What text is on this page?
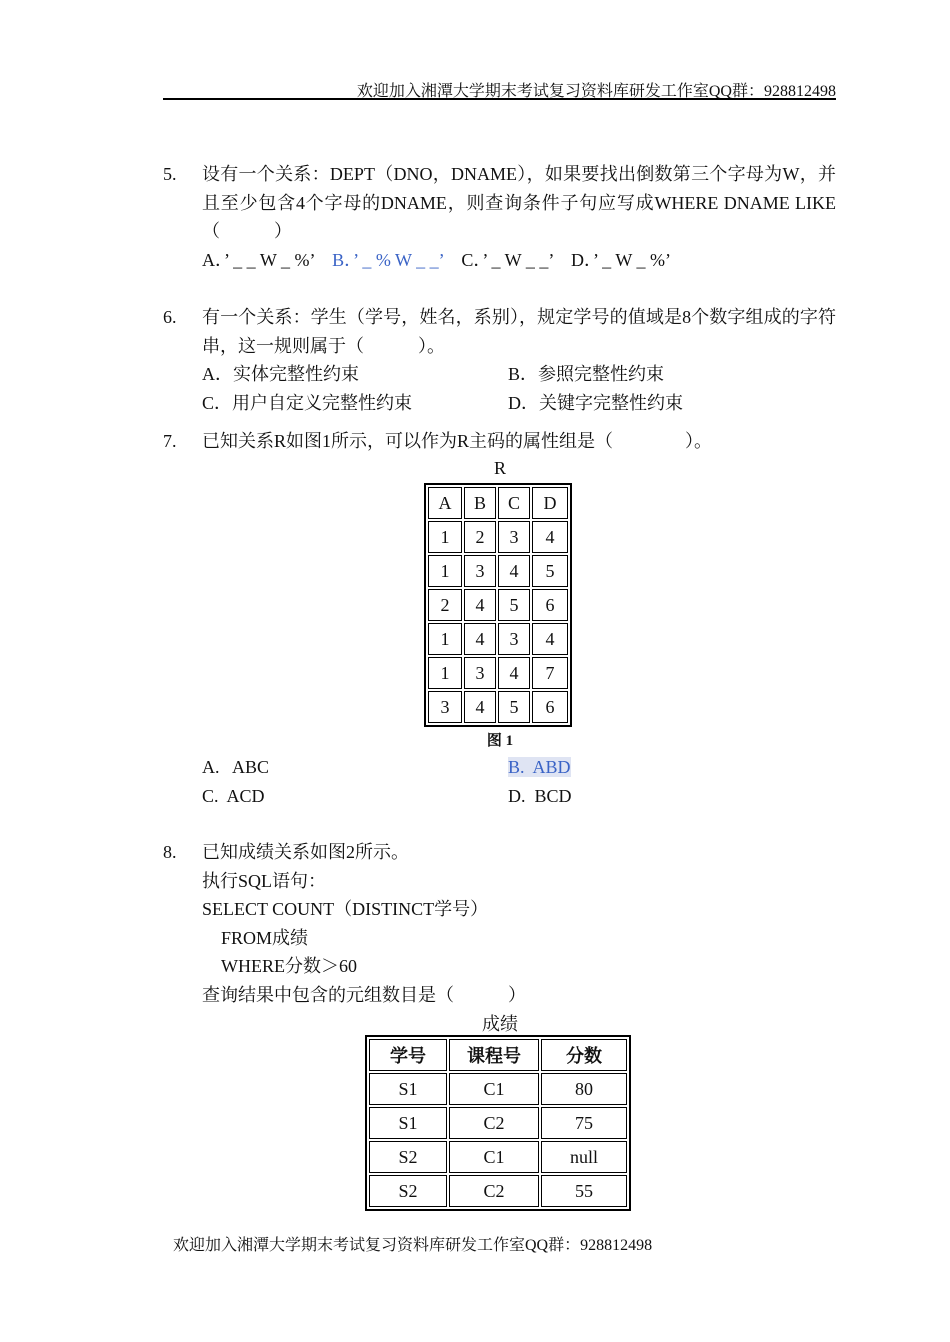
欢迎加入湘潭大学期末考试复习资料库研发工作室QQ群：928812498
5. 设有一个关系：DEPT（DNO，DNAME），如果要找出倒数第三个字母为W，并且至少包含4个字母的DNAME，则查询条件子句应写成WHERE DNAME LIKE（　　　）
A．’ _ _ W _ %’ B．’ _ % W _ _’ C．’ _ W _ _’ D．’ _ W _ %’
6. 有一个关系：学生（学号，姓名，系别），规定学号的值域是8个数字组成的字符串，这一规则属于（　　　）。
A．实体完整性约束	B．参照完整性约束
C．用户自定义完整性约束	D．关键字完整性约束
7. 已知关系R如图1所示，可以作为R主码的属性组是（　　　　）。
R
A	B	C	D
1	2	3	4
1	3	4	5
2	4	5	6
1	4	3	4
1	3	4	7
3	4	5	6
图 1
A.   ABC	B.  ABD
C.  ACD	D.  BCD
8. 已知成绩关系如图2所示。
执行SQL语句：
SELECT COUNT（DISTINCT学号）
FROM成绩
WHERE分数＞60
查询结果中包含的元组数目是（　　　）
成绩
学号	课程号	分数
S1	C1	80
S1	C2	75
S2	C1	null
S2	C2	55
欢迎加入湘潭大学期末考试复习资料库研发工作室QQ群：928812498
